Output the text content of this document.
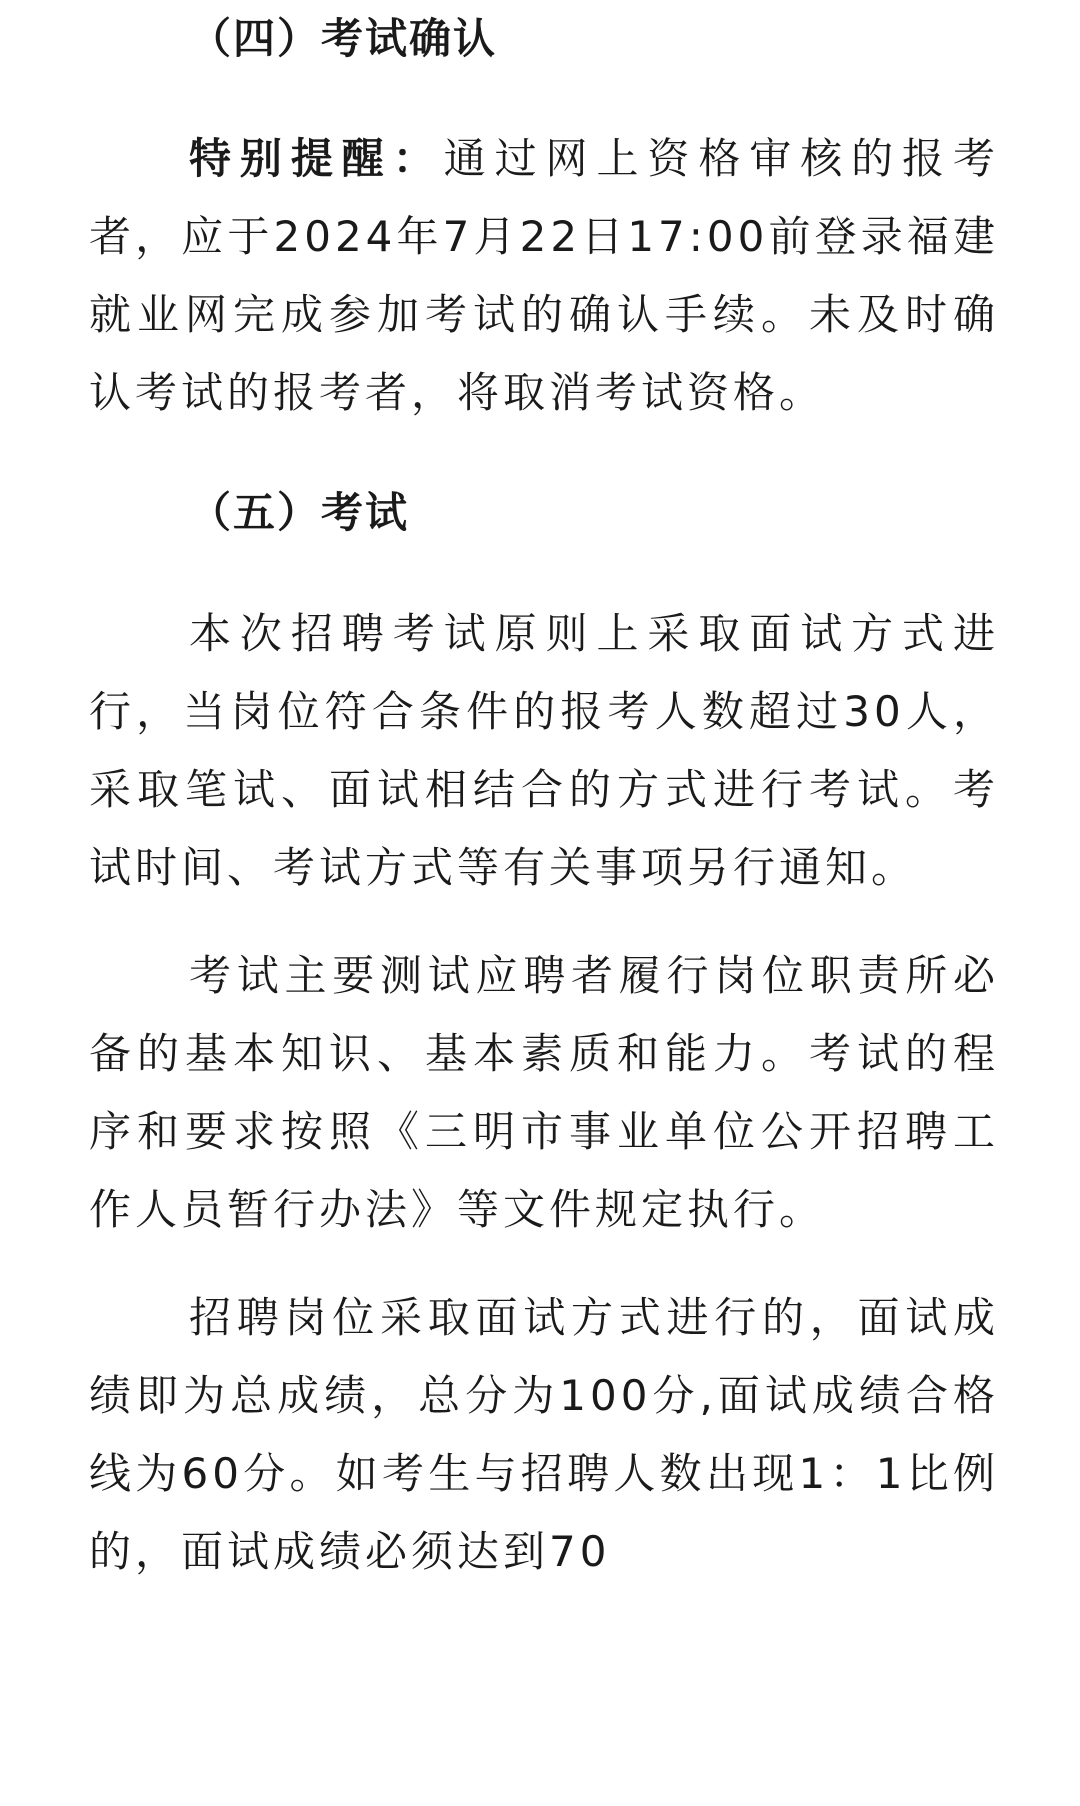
（四）考试确认

特别提醒：通过网上资格审核的报考者，应于2024年7月22日17:00前登录福建就业网完成参加考试的确认手续。未及时确认考试的报考者，将取消考试资格。

（五）考试

本次招聘考试原则上采取面试方式进行，当岗位符合条件的报考人数超过30人，采取笔试、面试相结合的方式进行考试。考试时间、考试方式等有关事项另行通知。

考试主要测试应聘者履行岗位职责所必备的基本知识、基本素质和能力。考试的程序和要求按照《三明市事业单位公开招聘工作人员暂行办法》等文件规定执行。

招聘岗位采取面试方式进行的，面试成绩即为总成绩，总分为100分,面试成绩合格线为60分。如考生与招聘人数出现1：1比例的，面试成绩必须达到70
